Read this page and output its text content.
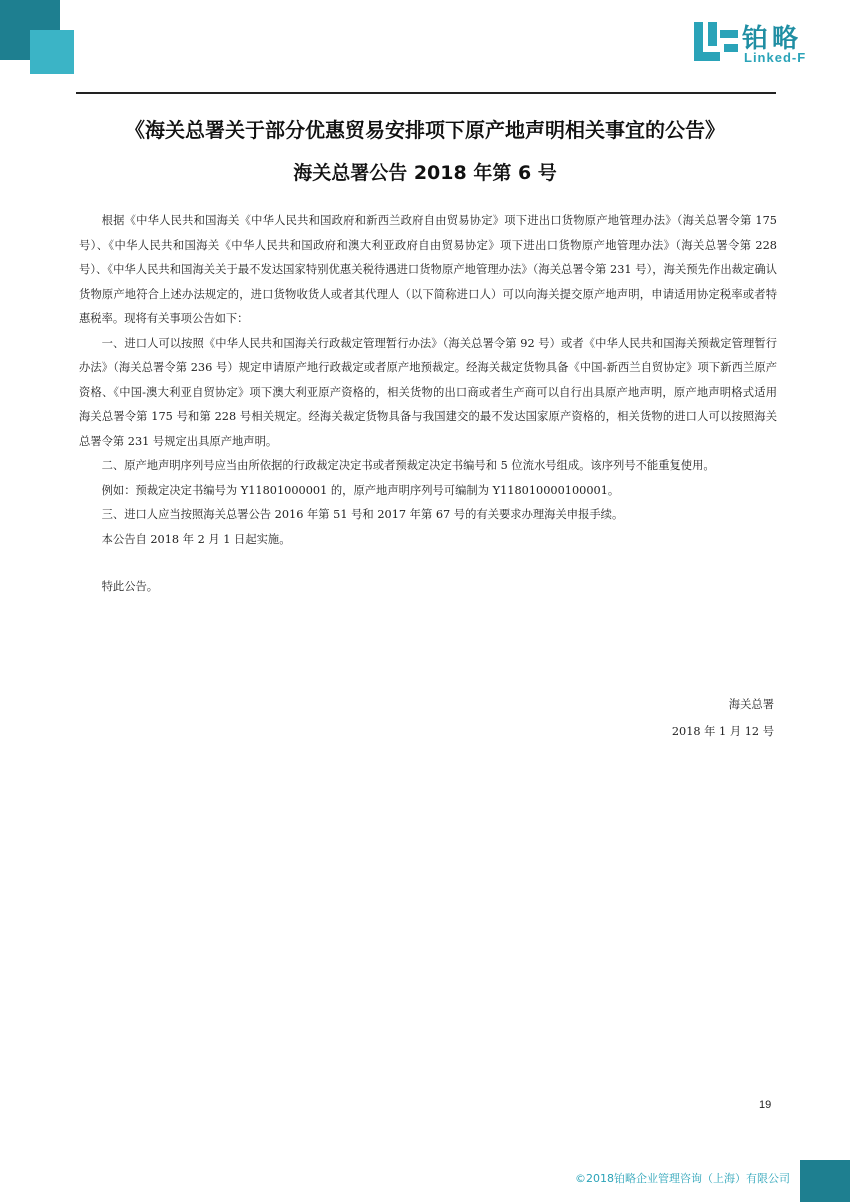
铂略
Linked-F
《海关总署关于部分优惠贸易安排项下原产地声明相关事宜的公告》
海关总署公告 2018 年第 6 号

根据《中华人民共和国海关《中华人民共和国政府和新西兰政府自由贸易协定》项下进出口货物原产地管理办法》（海关总署令第 175 号）、《中华人民共和国海关《中华人民共和国政府和澳大利亚政府自由贸易协定》项下进出口货物原产地管理办法》（海关总署令第 228 号）、《中华人民共和国海关关于最不发达国家特别优惠关税待遇进口货物原产地管理办法》（海关总署令第 231 号），海关预先作出裁定确认货物原产地符合上述办法规定的，进口货物收货人或者其代理人（以下简称进口人）可以向海关提交原产地声明，申请适用协定税率或者特惠税率。现将有关事项公告如下：

一、进口人可以按照《中华人民共和国海关行政裁定管理暂行办法》（海关总署令第 92 号）或者《中华人民共和国海关预裁定管理暂行办法》（海关总署令第 236 号）规定申请原产地行政裁定或者原产地预裁定。经海关裁定货物具备《中国-新西兰自贸协定》项下新西兰原产资格、《中国-澳大利亚自贸协定》项下澳大利亚原产资格的，相关货物的出口商或者生产商可以自行出具原产地声明，原产地声明格式适用海关总署令第 175 号和第 228 号相关规定。经海关裁定货物具备与我国建交的最不发达国家原产资格的，相关货物的进口人可以按照海关总署令第 231 号规定出具原产地声明。

二、原产地声明序列号应当由所依据的行政裁定决定书或者预裁定决定书编号和 5 位流水号组成。该序列号不能重复使用。

例如：预裁定决定书编号为 Y11801000001 的，原产地声明序列号可编制为 Y118010000100001。

三、进口人应当按照海关总署公告 2016 年第 51 号和 2017 年第 67 号的有关要求办理海关申报手续。

本公告自 2018 年 2 月 1 日起实施。

特此公告。

海关总署
2018 年 1 月 12 号
19
©2018铂略企业管理咨询（上海）有限公司
